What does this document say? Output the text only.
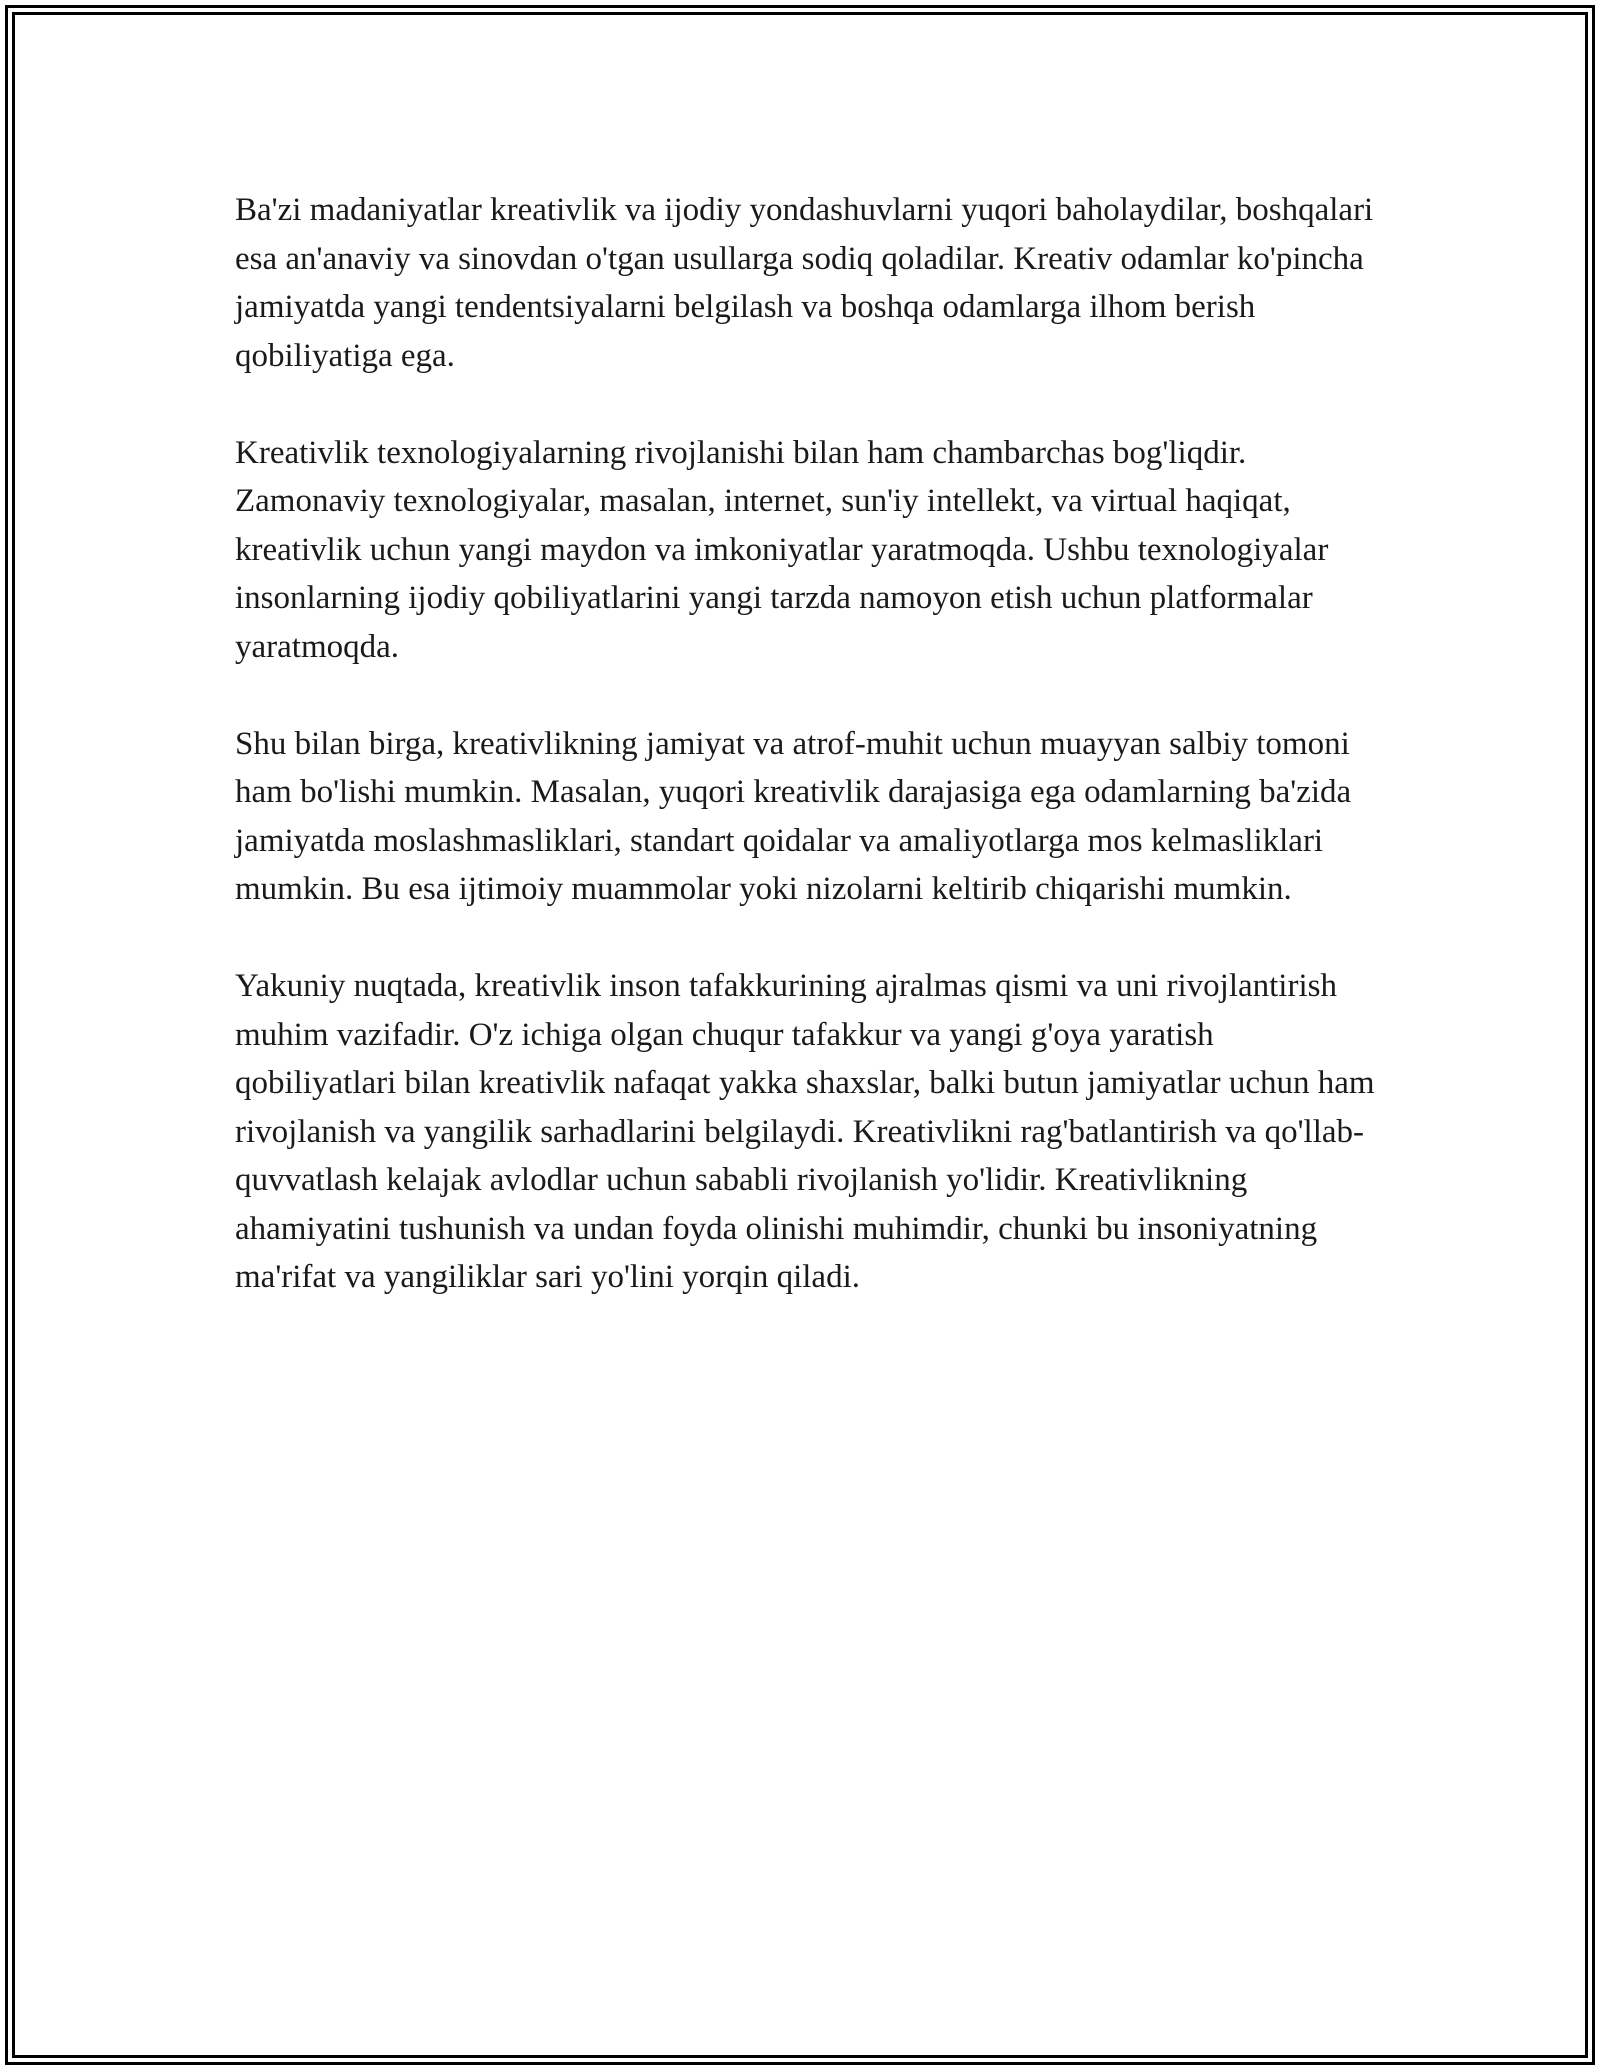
Ba'zi madaniyatlar kreativlik va ijodiy yondashuvlarni yuqori baholaydilar, boshqalari esa an'anaviy va sinovdan o'tgan usullarga sodiq qoladilar. Kreativ odamlar ko'pincha jamiyatda yangi tendentsiyalarni belgilash va boshqa odamlarga ilhom berish qobiliyatiga ega.

Kreativlik texnologiyalarning rivojlanishi bilan ham chambarchas bog'liqdir. Zamonaviy texnologiyalar, masalan, internet, sun'iy intellekt, va virtual haqiqat, kreativlik uchun yangi maydon va imkoniyatlar yaratmoqda. Ushbu texnologiyalar insonlarning ijodiy qobiliyatlarini yangi tarzda namoyon etish uchun platformalar yaratmoqda.

Shu bilan birga, kreativlikning jamiyat va atrof-muhit uchun muayyan salbiy tomoni ham bo'lishi mumkin. Masalan, yuqori kreativlik darajasiga ega odamlarning ba'zida jamiyatda moslashmasliklari, standart qoidalar va amaliyotlarga mos kelmasliklari mumkin. Bu esa ijtimoiy muammolar yoki nizolarni keltirib chiqarishi mumkin.

Yakuniy nuqtada, kreativlik inson tafakkurining ajralmas qismi va uni rivojlantirish muhim vazifadir. O'z ichiga olgan chuqur tafakkur va yangi g'oya yaratish qobiliyatlari bilan kreativlik nafaqat yakka shaxslar, balki butun jamiyatlar uchun ham rivojlanish va yangilik sarhadlarini belgilaydi. Kreativlikni rag'batlantirish va qo'llab-quvvatlash kelajak avlodlar uchun sababli rivojlanish yo'lidir. Kreativlikning ahamiyatini tushunish va undan foyda olinishi muhimdir, chunki bu insoniyatning ma'rifat va yangiliklar sari yo'lini yorqin qiladi.
